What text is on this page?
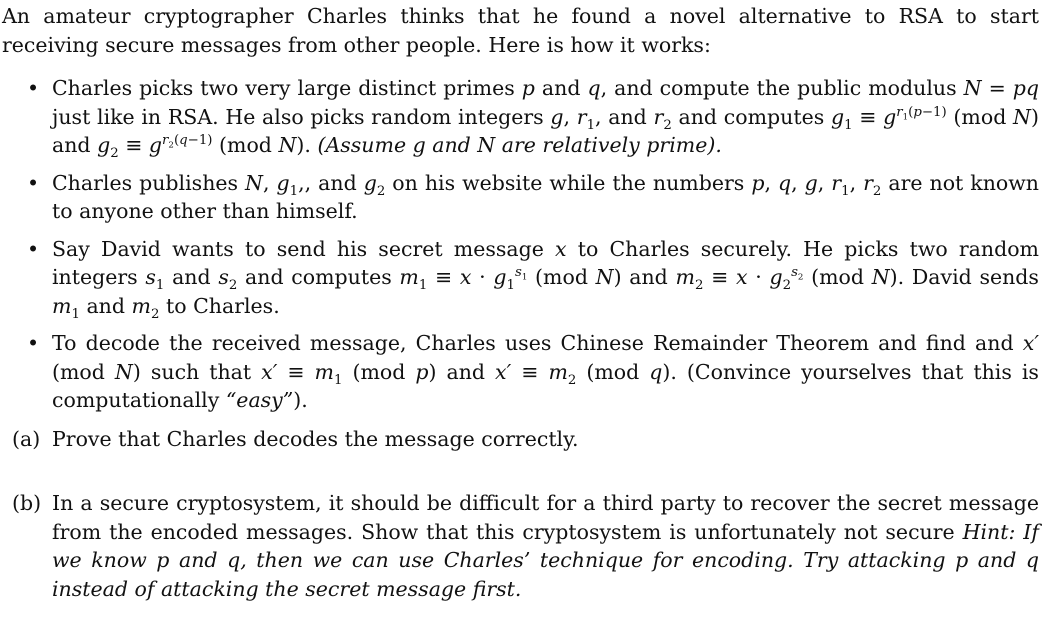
An amateur cryptographer Charles thinks that he found a novel alternative to RSA to start receiving secure messages from other people. Here is how it works:

• Charles picks two very large distinct primes p and q, and compute the public modulus N = pq just like in RSA. He also picks random integers g, $r_1$, and $r_2$ and computes $g_1 \equiv g^{r_1(p-1)}$ (mod N) and $g_2 \equiv g^{r_2(q-1)}$ (mod N). (Assume g and N are relatively prime).
• Charles publishes N, $g_1$,, and $g_2$ on his website while the numbers p, q, g, $r_1$, $r_2$ are not known to anyone other than himself.
• Say David wants to send his secret message x to Charles securely. He picks two random integers $s_1$ and $s_2$ and computes $m_1 \equiv x \cdot g_1^{s_1}$ (mod N) and $m_2 \equiv x \cdot g_2^{s_2}$ (mod N). David sends $m_1$ and $m_2$ to Charles.
• To decode the received message, Charles uses Chinese Remainder Theorem and find and x′ (mod N) such that $x' \equiv m_1$ (mod p) and $x' \equiv m_2$ (mod q). (Convince yourselves that this is computationally “easy”).
(a) Prove that Charles decodes the message correctly.
(b) In a secure cryptosystem, it should be difficult for a third party to recover the secret message from the encoded messages. Show that this cryptosystem is unfortunately not secure Hint: If we know p and q, then we can use Charles’ technique for encoding. Try attacking p and q instead of attacking the secret message first.
